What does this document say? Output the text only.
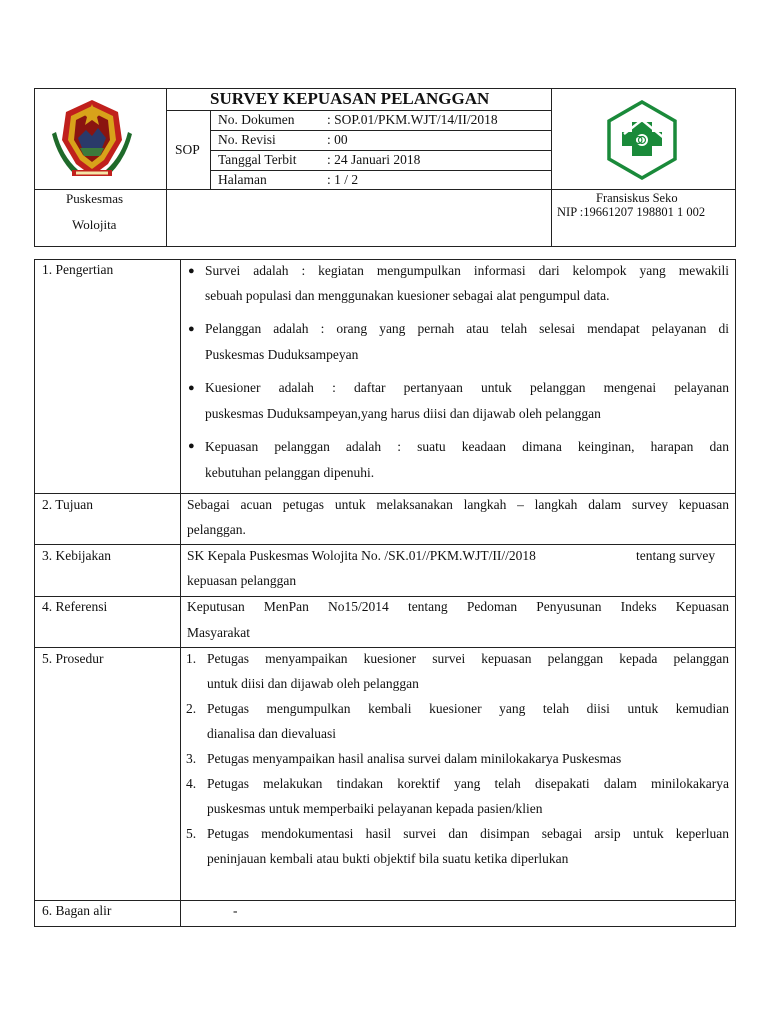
SURVEY KEPUASAN PELANGGAN
SOP
No. Dokumen : SOP.01/PKM.WJT/14/II/2018
No. Revisi	: 00
Tanggal Terbit : 24 Januari 2018
Halaman	: 1 / 2
Puskesmas
Wolojita
Fransiskus Seko
NIP :19661207 198801 1 002
1. Pengertian	● Survei adalah : kegiatan mengumpulkan informasi dari kelompok yang mewakili
sebuah populasi dan menggunakan kuesioner sebagai alat pengumpul data.
● Pelanggan adalah : orang yang pernah atau telah selesai mendapat pelayanan di
Puskesmas Duduksampeyan
● Kuesioner adalah : daftar pertanyaan untuk pelanggan mengenai pelayanan
puskesmas Duduksampeyan,yang harus diisi dan dijawab oleh pelanggan
● Kepuasan pelanggan adalah : suatu keadaan dimana keinginan, harapan dan
kebutuhan pelanggan dipenuhi.
2. Tujuan	Sebagai acuan petugas untuk melaksanakan langkah – langkah dalam survey kepuasan
pelanggan.
3. Kebijakan	SK Kepala Puskesmas Wolojita No. /SK.01//PKM.WJT/II//2018	tentang survey
kepuasan pelanggan
4. Referensi	Keputusan MenPan No15/2014 tentang Pedoman Penyusunan Indeks Kepuasan
Masyarakat
5. Prosedur	1. Petugas menyampaikan kuesioner survei kepuasan pelanggan kepada pelanggan
untuk diisi dan dijawab oleh pelanggan
2. Petugas mengumpulkan kembali kuesioner yang telah diisi untuk kemudian
dianalisa dan dievaluasi
3. Petugas menyampaikan hasil analisa survei dalam minilokakarya Puskesmas
4. Petugas melakukan tindakan korektif yang telah disepakati dalam minilokakarya
puskesmas untuk memperbaiki pelayanan kepada pasien/klien
5. Petugas mendokumentasi hasil survei dan disimpan sebagai arsip untuk keperluan
peninjauan kembali atau bukti objektif bila suatu ketika diperlukan
6. Bagan alir	-
